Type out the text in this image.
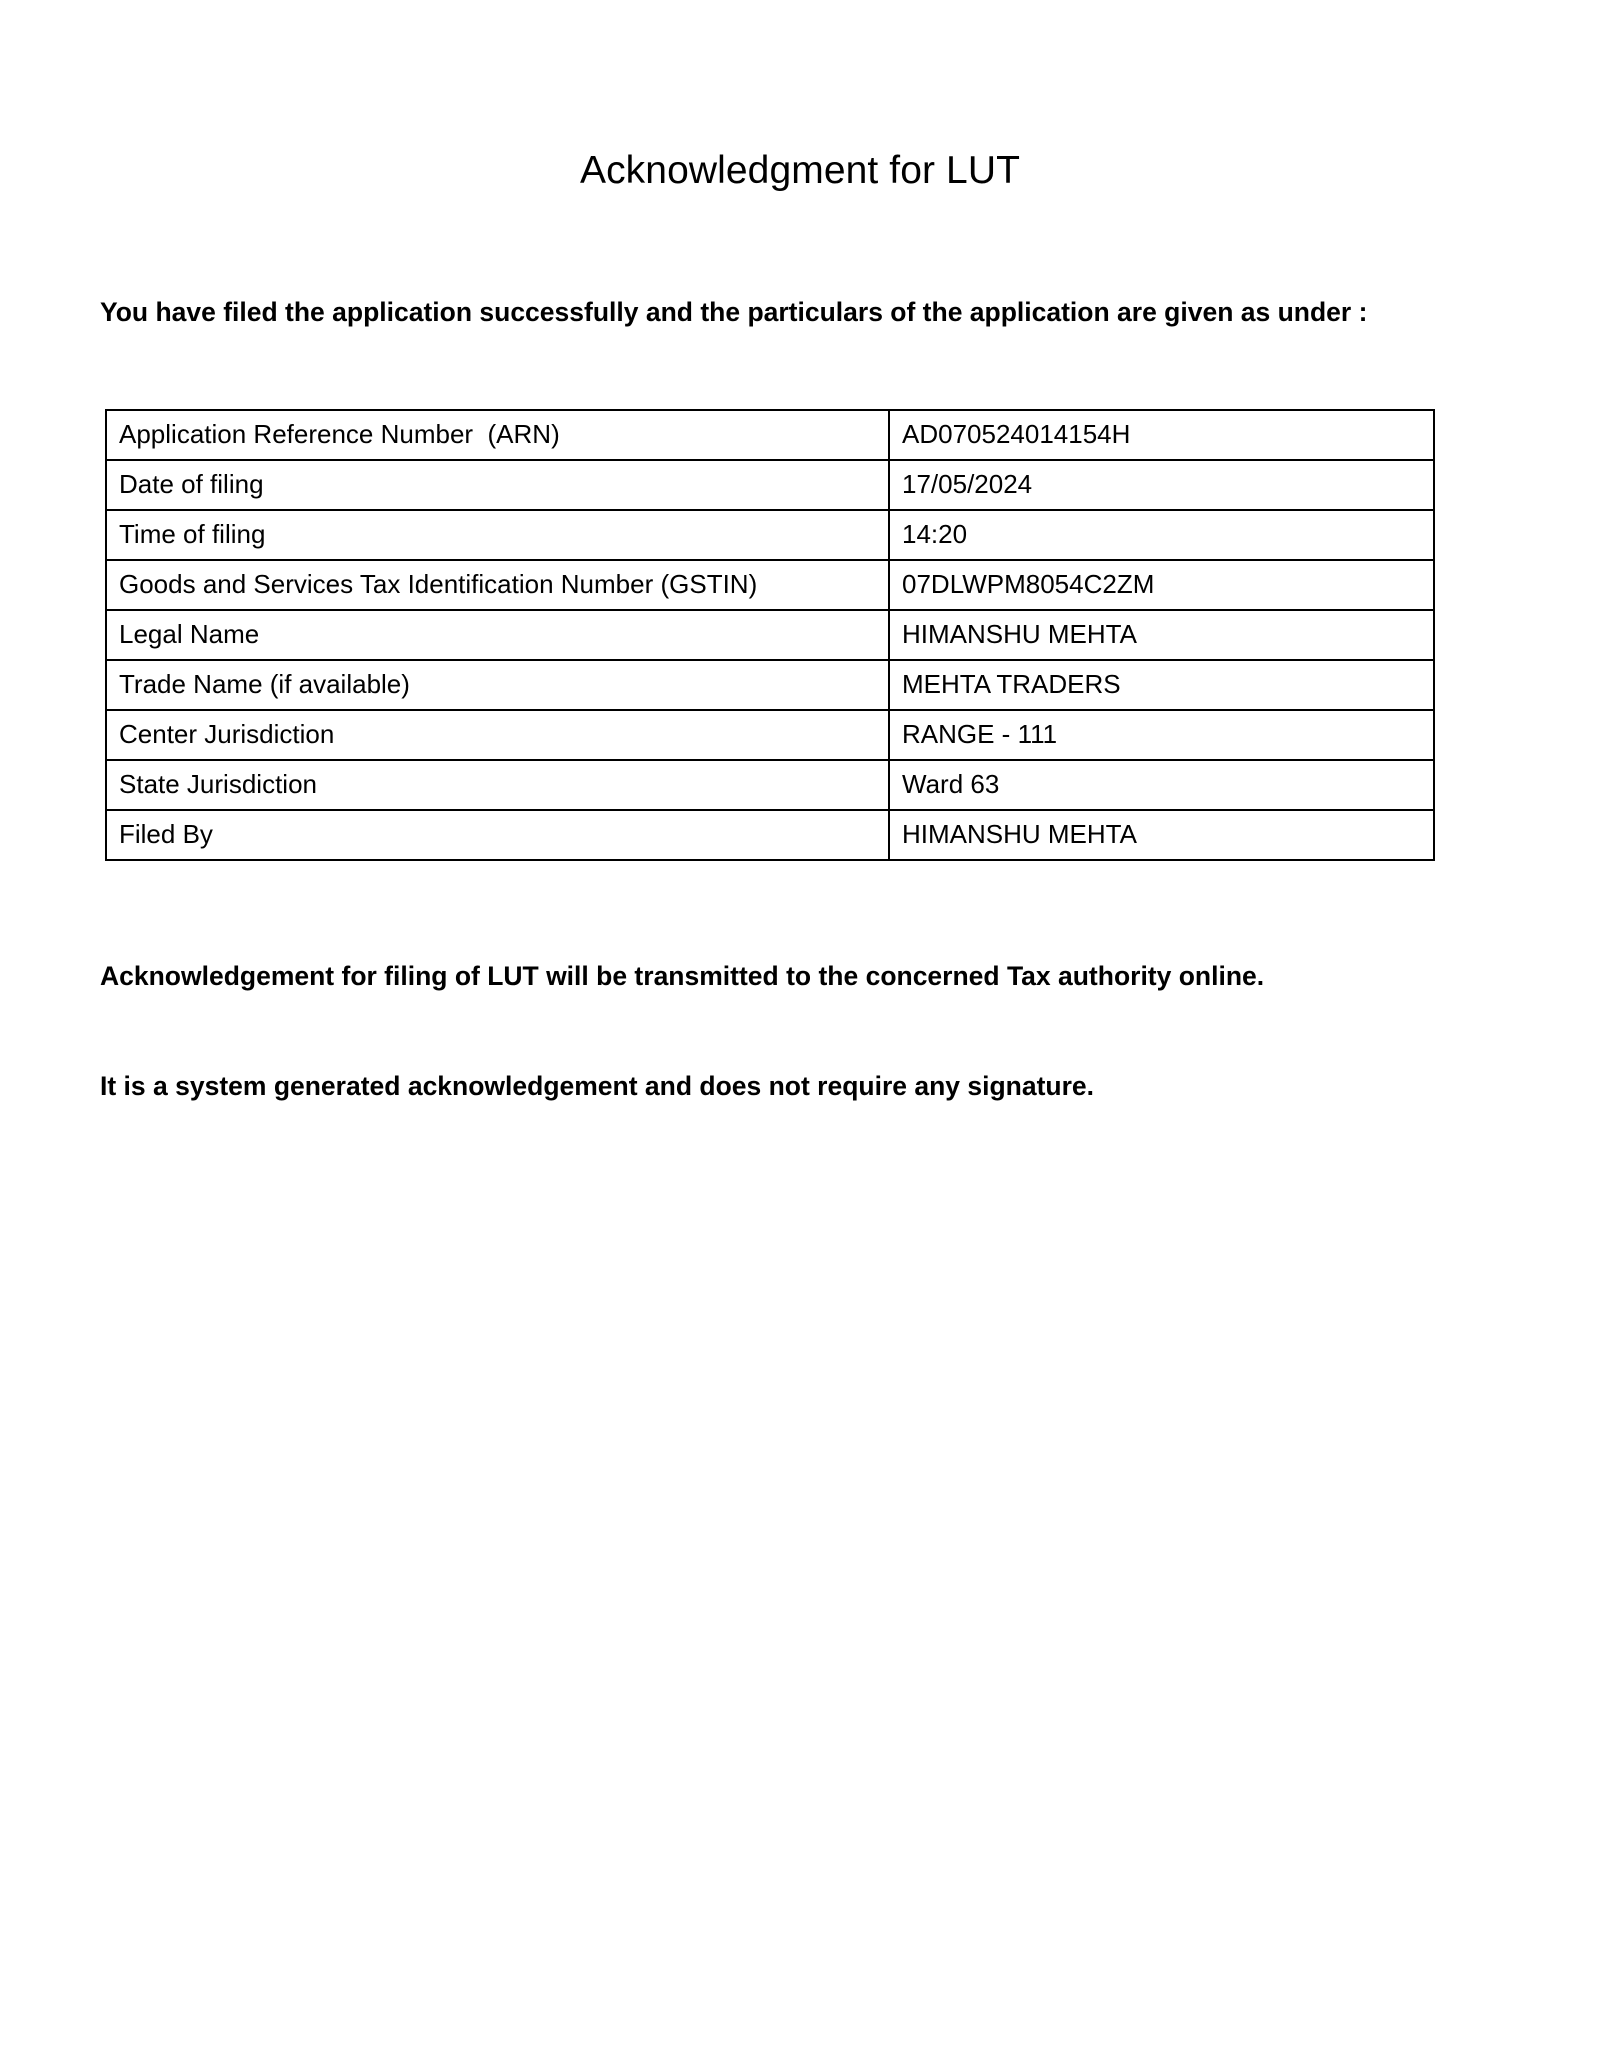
Acknowledgment for LUT
You have filed the application successfully and the particulars of the application are given as under :
Application Reference Number  (ARN)	AD070524014154H
Date of filing	17/05/2024
Time of filing	14:20
Goods and Services Tax Identification Number (GSTIN)	07DLWPM8054C2ZM
Legal Name	HIMANSHU MEHTA
Trade Name (if available)	MEHTA TRADERS
Center Jurisdiction	RANGE - 111
State Jurisdiction	Ward 63
Filed By	HIMANSHU MEHTA
Acknowledgement for filing of LUT will be transmitted to the concerned Tax authority online.
It is a system generated acknowledgement and does not require any signature.
